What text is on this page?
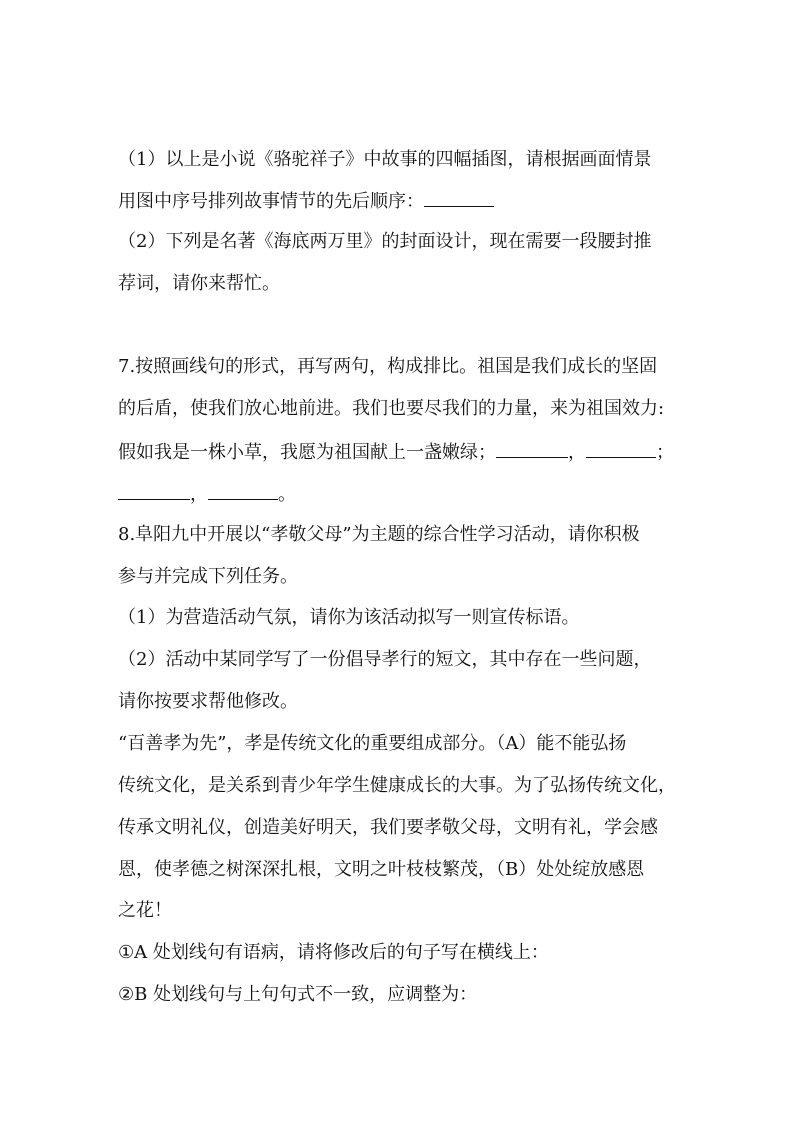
（1）以上是小说《骆驼祥子》中故事的四幅插图，请根据画面情景
用图中序号排列故事情节的先后顺序：
（2）下列是名著《海底两万里》的封面设计，现在需要一段腰封推
荐词，请你来帮忙。
7.按照画线句的形式，再写两句，构成排比。祖国是我们成长的坚固
的后盾，使我们放心地前进。我们也要尽我们的力量，来为祖国效力:
假如我是一株小草，我愿为祖国献上一盏嫩绿；	，	；
，	。
8.阜阳九中开展以“孝敬父母”为主题的综合性学习活动，请你积极
参与并完成下列任务。
（1）为营造活动气氛，请你为该活动拟写一则宣传标语。
（2）活动中某同学写了一份倡导孝行的短文，其中存在一些问题，
请你按要求帮他修改。
“百善孝为先”，孝是传统文化的重要组成部分。（A）能不能弘扬
传统文化，是关系到青少年学生健康成长的大事。为了弘扬传统文化，
传承文明礼仪，创造美好明天，我们要孝敬父母，文明有礼，学会感
恩，使孝德之树深深扎根，文明之叶枝枝繁茂，（B）处处绽放感恩
之花！
①A 处划线句有语病，请将修改后的句子写在横线上：
②B 处划线句与上句句式不一致，应调整为：
